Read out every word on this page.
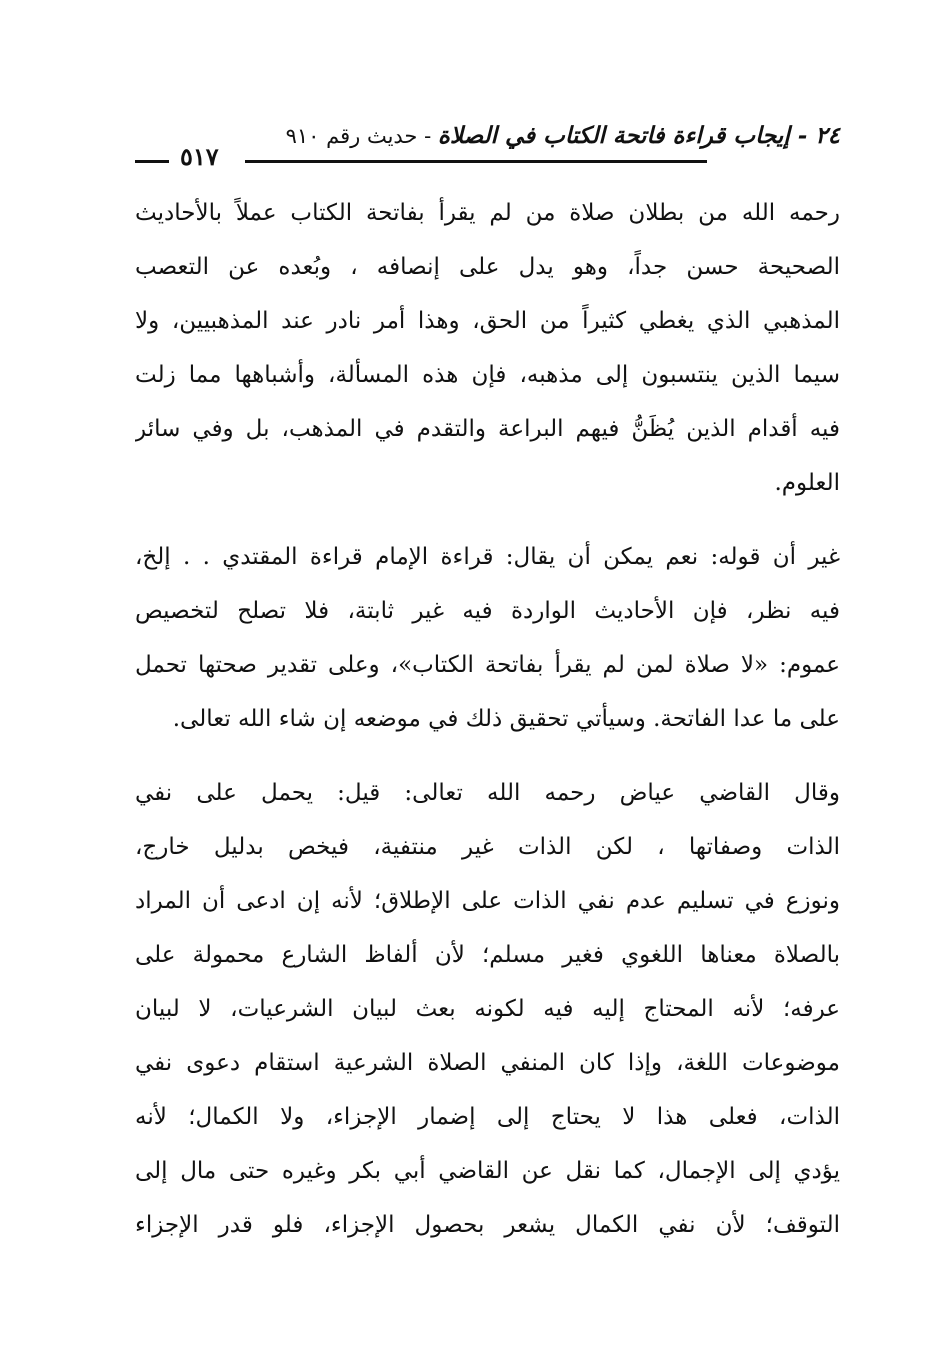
٢٤ - إيجاب قراءة فاتحة الكتاب في الصلاة - حديث رقم ٩١٠
٥١٧
رحمه الله من بطلان صلاة من لم يقرأ بفاتحة الكتاب عملاً بالأحاديث
الصحيحة حسن جداً، وهو يدل على إنصافه ، وبُعده عن التعصب
المذهبي الذي يغطي كثيراً من الحق، وهذا أمر نادر عند المذهبيين، ولا
سيما الذين ينتسبون إلى مذهبه، فإن هذه المسألة، وأشباهها مما زلت
فيه أقدام الذين يُظَنُّ فيهم البراعة والتقدم في المذهب، بل وفي سائر
العلوم.
غير أن قوله: نعم يمكن أن يقال: قراءة الإمام قراءة المقتدي . . إلخ،
فيه نظر، فإن الأحاديث الواردة فيه غير ثابتة، فلا تصلح لتخصيص
عموم: «لا صلاة لمن لم يقرأ بفاتحة الكتاب»، وعلى تقدير صحتها تحمل
على ما عدا الفاتحة. وسيأتي تحقيق ذلك في موضعه إن شاء الله تعالى.
وقال القاضي عياض رحمه الله تعالى: قيل: يحمل على نفي
الذات وصفاتها ، لكن الذات غير منتفية، فيخص بدليل خارج،
ونوزع في تسليم عدم نفي الذات على الإطلاق؛ لأنه إن ادعى أن المراد
بالصلاة معناها اللغوي فغير مسلم؛ لأن ألفاظ الشارع محمولة على
عرفه؛ لأنه المحتاج إليه فيه لكونه بعث لبيان الشرعيات، لا لبيان
موضوعات اللغة، وإذا كان المنفي الصلاة الشرعية استقام دعوى نفي
الذات، فعلى هذا لا يحتاج إلى إضمار الإجزاء، ولا الكمال؛ لأنه
يؤدي إلى الإجمال، كما نقل عن القاضي أبي بكر وغيره حتى مال إلى
التوقف؛ لأن نفي الكمال يشعر بحصول الإجزاء، فلو قدر الإجزاء
